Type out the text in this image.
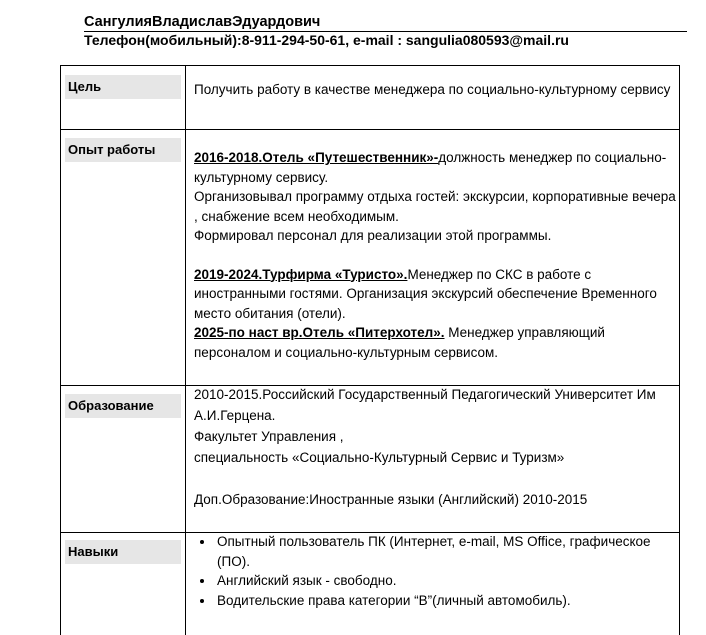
СангулияВладиславЭдуардович
Телефон(мобильный):8-911-294-50-61, e-mail : sangulia080593@mail.ru
Цель	Получить работу в качестве менеджера по социально-культурному сервису
Опыт работы

2016-2018.Отель «Путешественник»-должность менеджер по социально-культурному сервису.

Организовывал программу отдыха гостей: экскурсии, корпоративные вечера , снабжение всем необходимым.

Формировал персонал для реализации этой программы.

2019-2024.Турфирма «Туристо».Менеджер по СКС в работе с иностранными гостями. Организация экскурсий обеспечение Временного место обитания (отели).

2025-по наст вр.Отель «Питерхотел». Менеджер управляющий персоналом и социально-культурным сервисом.

Образование

2010-2015.Российский Государственный Педагогический Университет Им А.И.Герцена.

Факультет Управления ,

специальность «Социально-Культурный Сервис и Туризм»

Доп.Образование:Иностранные языки (Английский) 2010-2015

Навыки
• Опытный пользователь ПК (Интернет, e-mail, MS Office, графическое (ПО).
• Английский язык - свободно.
• Водительские права категории “B”(личный автомобиль).
